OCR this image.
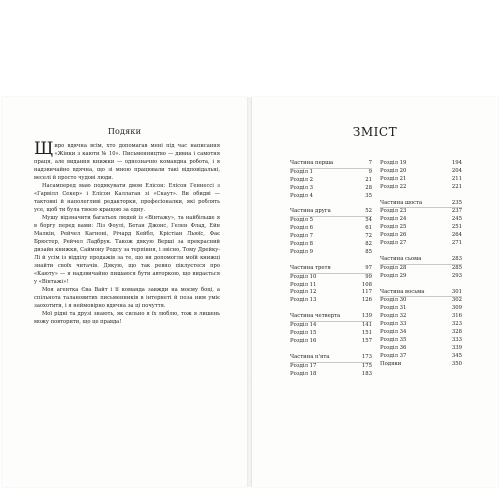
Подяки

Щиро вдячна всім, хто допомагав мені під час написання «Жінки з каюти № 10». Письменництво — дивна і самотня праця, але видання книжки — однозначно командна робота, і я надзвичайно вдячна, що зі мною працювали такі відповідальні, веселі й просто чудові люди.

Насамперед маю подякувати двом Елісон: Елісон Геннессі з «Гарвілл Секер» і Елісон Каллаган зі «Скаут». Ви обидві — тактовні й наполегливі редакторки, професіоналки, які роблять усе, щоб ти була твоєю кращою за одну.

Мушу відзначити багатьох людей із «Вінтажу», та найбільше я в боргу перед вами: Ліз Фоулі, Бетан Джонс, Гелен Флад, Ейн Малкін, Рейчел Кагноні, Річард Кейбл, Крістіан Льюїс, Фає Брюстер, Рейчел Ладбрук. Також дякую Верші за прекрасний дизайн книжки, Саймону Родсу за терпіння, і звісно, Тому Дрейку-Лі й усім із відділу продажів за те, що ви допомогли моїй книжці знайти своїх читачів. Дякую, що так ревно піклуєтеся про «Каюту» — я надзвичайно пишаюся бути авторкою, що видається у «Вінтажі»!

Моя агентка Єва Вайт і її команда завжди на моєму боці, а спільнота талановитих письменників в інтернеті й поза ним уміє заохотити, і я неймовірно вдячна за ці почуття.

Мої рідні та друзі знають, як сильно я їх люблю, тож я лишень можу повторити, що це правда!

ЗМІСТ
Частина перша	7
Розділ 1	9
Розділ 2	21
Розділ 3	28
Розділ 4	35
Частина друга	52
Розділ 5	54
Розділ 6	61
Розділ 7	72
Розділ 8	82
Розділ 9	85
Частина третя	97
Розділ 10	99
Розділ 11	108
Розділ 12	117
Розділ 13	126
Частина четверта	139
Розділ 14	141
Розділ 15	151
Розділ 16	157
Частина п'ята	173
Розділ 17	175
Розділ 18	183
Розділ 19	194
Розділ 20	204
Розділ 21	211
Розділ 22	221
Частина шоста	235
Розділ 23	237
Розділ 24	245
Розділ 25	251
Розділ 26	264
Розділ 27	271
Частина сьома	283
Розділ 28	285
Розділ 29	293
Частина восьма	301
Розділ 30	302
Розділ 31	309
Розділ 32	316
Розділ 33	323
Розділ 34	328
Розділ 35	333
Розділ 36	339
Розділ 37	345
Подяки	350
